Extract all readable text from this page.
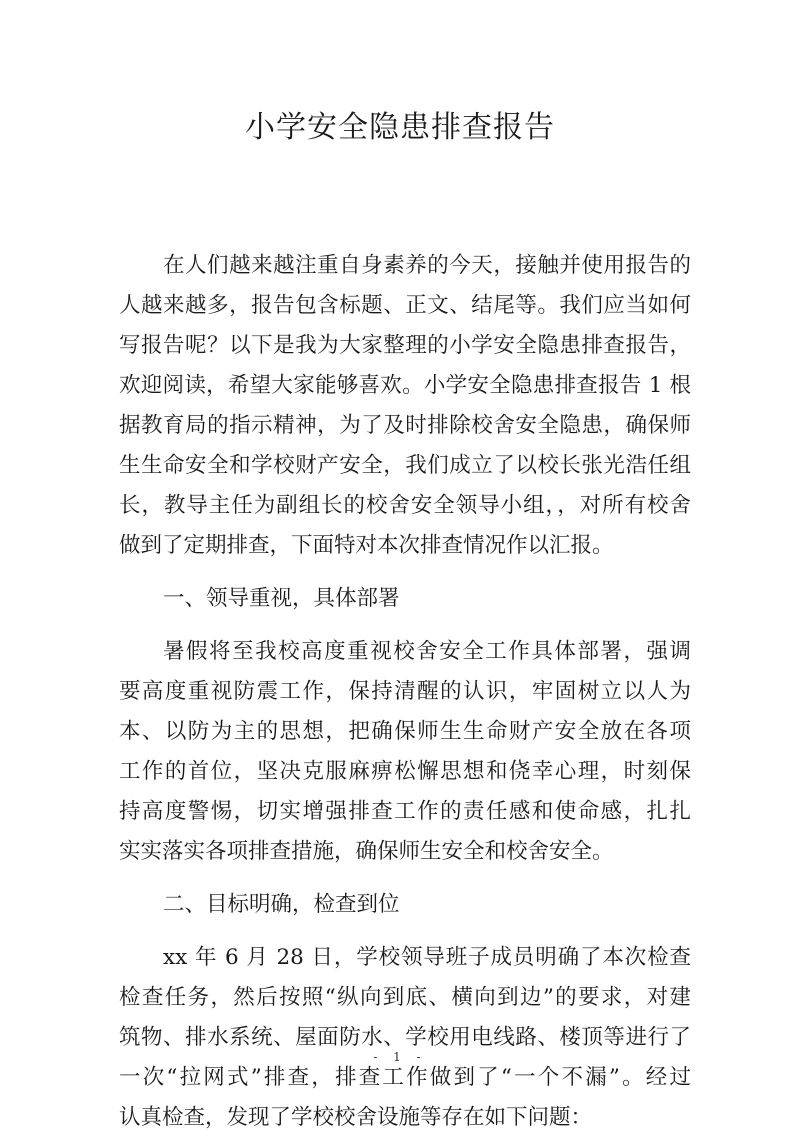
小学安全隐患排查报告
在人们越来越注重自身素养的今天，接触并使用报告的
人越来越多，报告包含标题、正文、结尾等。我们应当如何
写报告呢？以下是我为大家整理的小学安全隐患排查报告，
欢迎阅读，希望大家能够喜欢。小学安全隐患排查报告 1 根
据教育局的指示精神，为了及时排除校舍安全隐患，确保师
生生命安全和学校财产安全，我们成立了以校长张光浩任组
长，教导主任为副组长的校舍安全领导小组，，对所有校舍
做到了定期排查，下面特对本次排查情况作以汇报。
一、领导重视，具体部署
暑假将至我校高度重视校舍安全工作具体部署，强调
要高度重视防震工作，保持清醒的认识，牢固树立以人为
本、以防为主的思想，把确保师生生命财产安全放在各项
工作的首位，坚决克服麻痹松懈思想和侥幸心理，时刻保
持高度警惕，切实增强排查工作的责任感和使命感，扎扎
实实落实各项排查措施，确保师生安全和校舍安全。
二、目标明确，检查到位
xx 年 6 月 28 日，学校领导班子成员明确了本次检查
检查任务，然后按照“纵向到底、横向到边”的要求，对建
筑物、排水系统、屋面防水、学校用电线路、楼顶等进行了
一次“拉网式”排查，排查工作做到了“一个不漏”。经过
认真检查，发现了学校校舍设施等存在如下问题：
- 1 -
